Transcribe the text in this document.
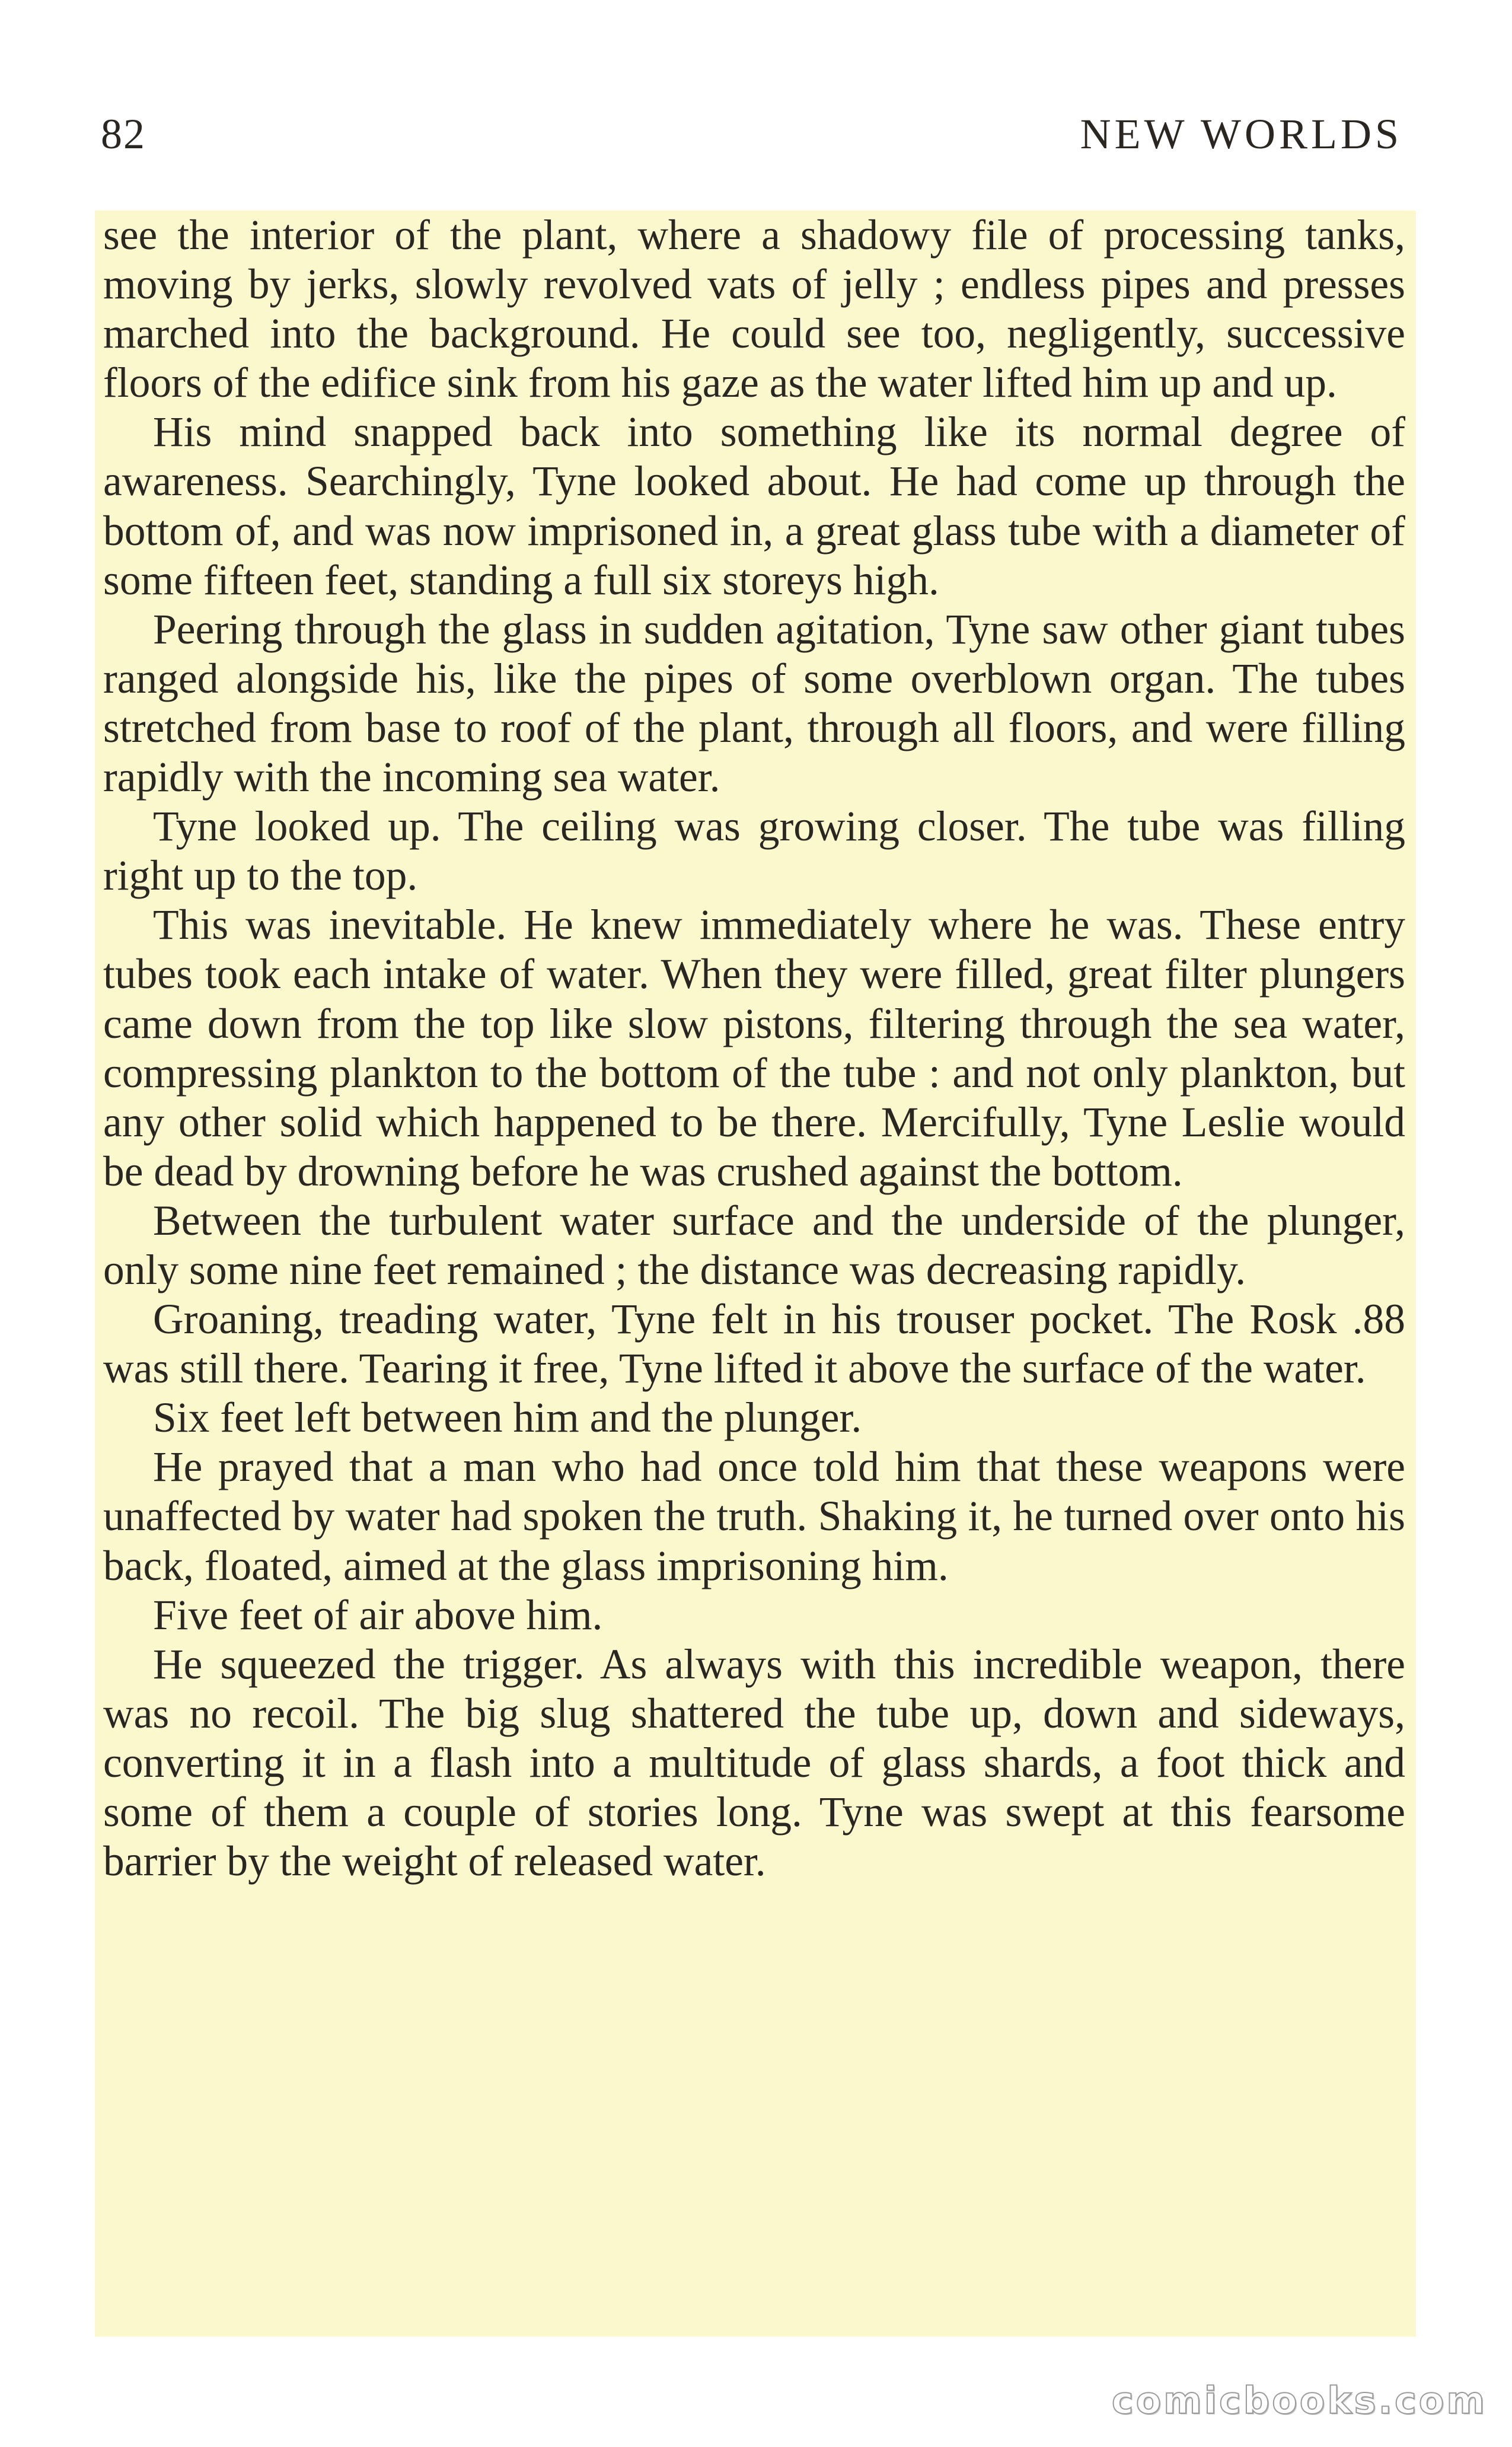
82	NEW WORLDS

see the interior of the plant, where a shadowy file of processing tanks, moving by jerks, slowly revolved vats of jelly ; endless pipes and presses marched into the background. He could see too, negligently, successive floors of the edifice sink from his gaze as the water lifted him up and up.

His mind snapped back into something like its normal degree of awareness. Searchingly, Tyne looked about. He had come up through the bottom of, and was now imprisoned in, a great glass tube with a diameter of some fifteen feet, standing a full six storeys high.

Peering through the glass in sudden agitation, Tyne saw other giant tubes ranged alongside his, like the pipes of some overblown organ. The tubes stretched from base to roof of the plant, through all floors, and were filling rapidly with the incoming sea water.

Tyne looked up. The ceiling was growing closer. The tube was filling right up to the top.

This was inevitable. He knew immediately where he was. These entry tubes took each intake of water. When they were filled, great filter plungers came down from the top like slow pistons, filtering through the sea water, compressing plankton to the bottom of the tube : and not only plankton, but any other solid which happened to be there. Mercifully, Tyne Leslie would be dead by drowning before he was crushed against the bottom.

Between the turbulent water surface and the underside of the plunger, only some nine feet remained ; the distance was decreasing rapidly.

Groaning, treading water, Tyne felt in his trouser pocket. The Rosk .88 was still there. Tearing it free, Tyne lifted it above the surface of the water.

Six feet left between him and the plunger.

He prayed that a man who had once told him that these weapons were unaffected by water had spoken the truth. Shaking it, he turned over onto his back, floated, aimed at the glass imprisoning him.

Five feet of air above him.

He squeezed the trigger. As always with this incredible weapon, there was no recoil. The big slug shattered the tube up, down and sideways, converting it in a flash into a multitude of glass shards, a foot thick and some of them a couple of stories long. Tyne was swept at this fearsome barrier by the weight of released water.

comicbooks.com
